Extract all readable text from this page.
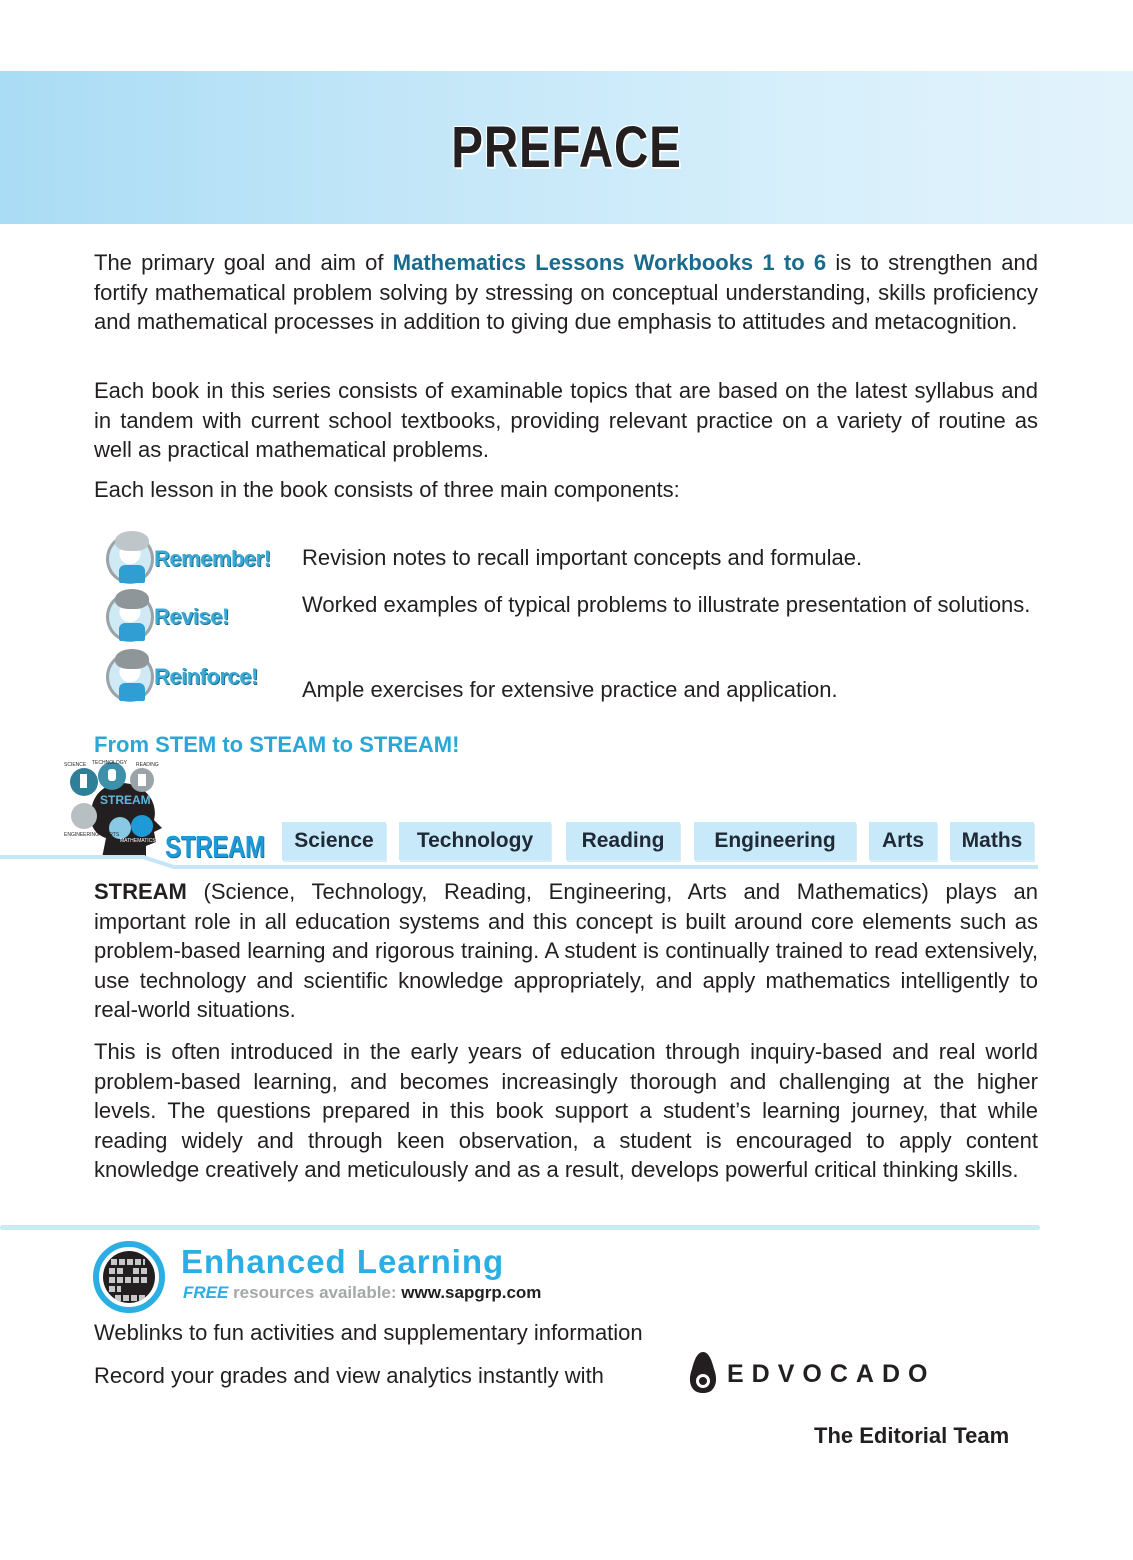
PREFACE

The primary goal and aim of Mathematics Lessons Workbooks 1 to 6 is to strengthen and fortify mathematical problem solving by stressing on conceptual understanding, skills proficiency and mathematical processes in addition to giving due emphasis to attitudes and metacognition.

Each book in this series consists of examinable topics that are based on the latest syllabus and in tandem with current school textbooks, providing relevant practice on a variety of routine as well as practical mathematical problems.

Each lesson in the book consists of three main components:

Remember! Revision notes to recall important concepts and formulae.
Revise!	Worked examples of typical problems to illustrate presentation of solutions.
Reinforce!
Ample exercises for extensive practice and application.
From STEM to STEAM to STREAM!
STREAM
SCIENCE TECHNOLOGY READING
ENGINEERING ARTS
MATHEMATICS STREAM	Science	Technology	Reading	Engineering	Arts	Maths

STREAM (Science, Technology, Reading, Engineering, Arts and Mathematics) plays an important role in all education systems and this concept is built around core elements such as problem-based learning and rigorous training. A student is continually trained to read extensively, use technology and scientific knowledge appropriately, and apply mathematics intelligently to real-world situations.

This is often introduced in the early years of education through inquiry-based and real world problem-based learning, and becomes increasingly thorough and challenging at the higher levels. The questions prepared in this book support a student’s learning journey, that while reading widely and through keen observation, a student is encouraged to apply content knowledge creatively and meticulously and as a result, develops powerful critical thinking skills.

Enhanced Learning
FREE resources available: www.sapgrp.com
Weblinks to fun activities and supplementary information
Record your grades and view analytics instantly with	EDVOCADO
The Editorial Team
